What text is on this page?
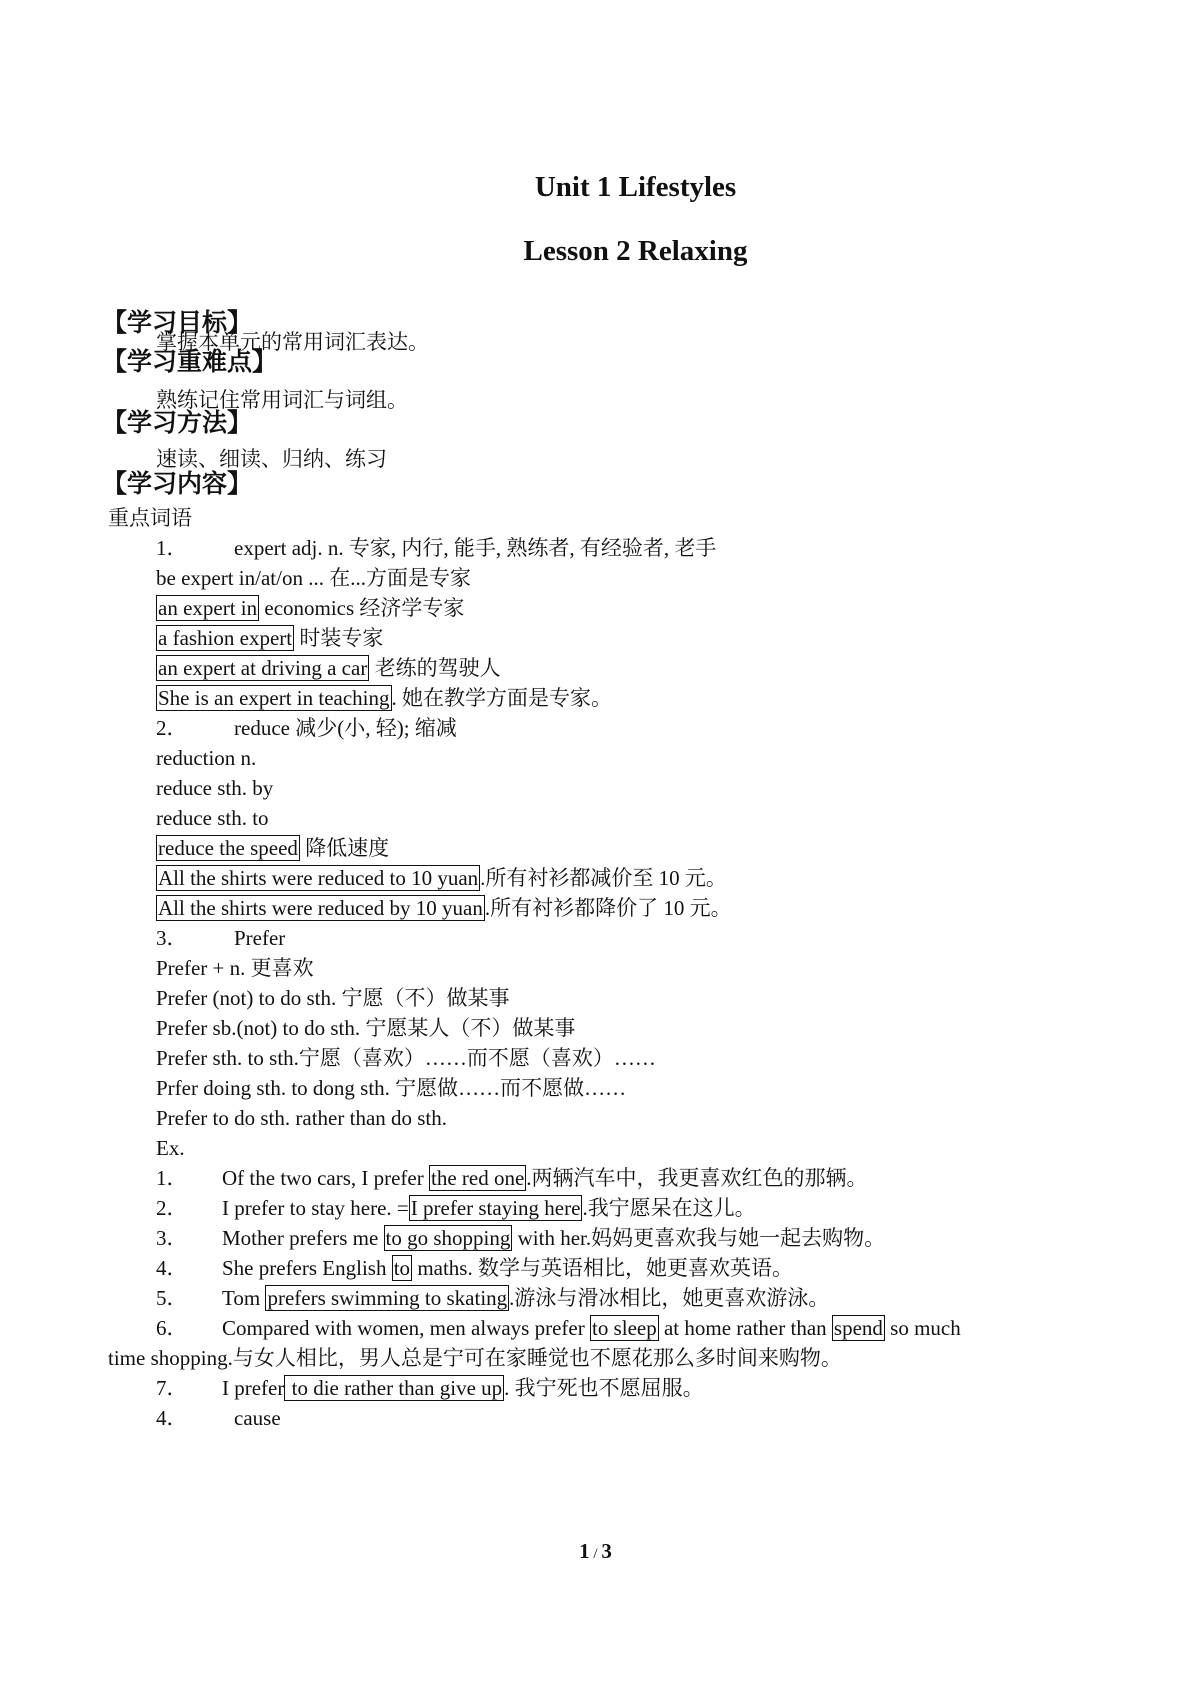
Unit 1 Lifestyles
Lesson 2 Relaxing
【学习目标】
掌握本单元的常用词汇表达。
【学习重难点】
熟练记住常用词汇与词组。
【学习方法】
速读、细读、归纳、练习
【学习内容】
重点词语
1． expert adj. n. 专家, 内行, 能手, 熟练者, 有经验者, 老手
be expert in/at/on ... 在...方面是专家
an expert in economics 经济学专家
a fashion expert 时装专家
an expert at driving a car 老练的驾驶人
She is an expert in teaching. 她在教学方面是专家。
2． reduce 减少(小, 轻); 缩减
reduction n.
reduce sth. by
reduce sth. to
reduce the speed 降低速度
All the shirts were reduced to 10 yuan.所有衬衫都减价至 10 元。
All the shirts were reduced by 10 yuan.所有衬衫都降价了 10 元。
3． Prefer
Prefer + n. 更喜欢
Prefer (not) to do sth. 宁愿（不）做某事
Prefer sb.(not) to do sth. 宁愿某人（不）做某事
Prefer sth. to sth.宁愿（喜欢）……而不愿（喜欢）……
Prfer doing sth. to dong sth. 宁愿做……而不愿做……
Prefer to do sth. rather than do sth.
Ex.
1． Of the two cars, I prefer the red one.两辆汽车中，我更喜欢红色的那辆。
2． I prefer to stay here. =I prefer staying here.我宁愿呆在这儿。
3． Mother prefers me to go shopping with her.妈妈更喜欢我与她一起去购物。
4． She prefers English to maths. 数学与英语相比，她更喜欢英语。
5． Tom prefers swimming to skating.游泳与滑冰相比，她更喜欢游泳。
6． Compared with women, men always prefer to sleep at home rather than spend so much
time shopping.与女人相比，男人总是宁可在家睡觉也不愿花那么多时间来购物。
7． I prefer to die rather than give up. 我宁死也不愿屈服。
4． cause
1 / 3
